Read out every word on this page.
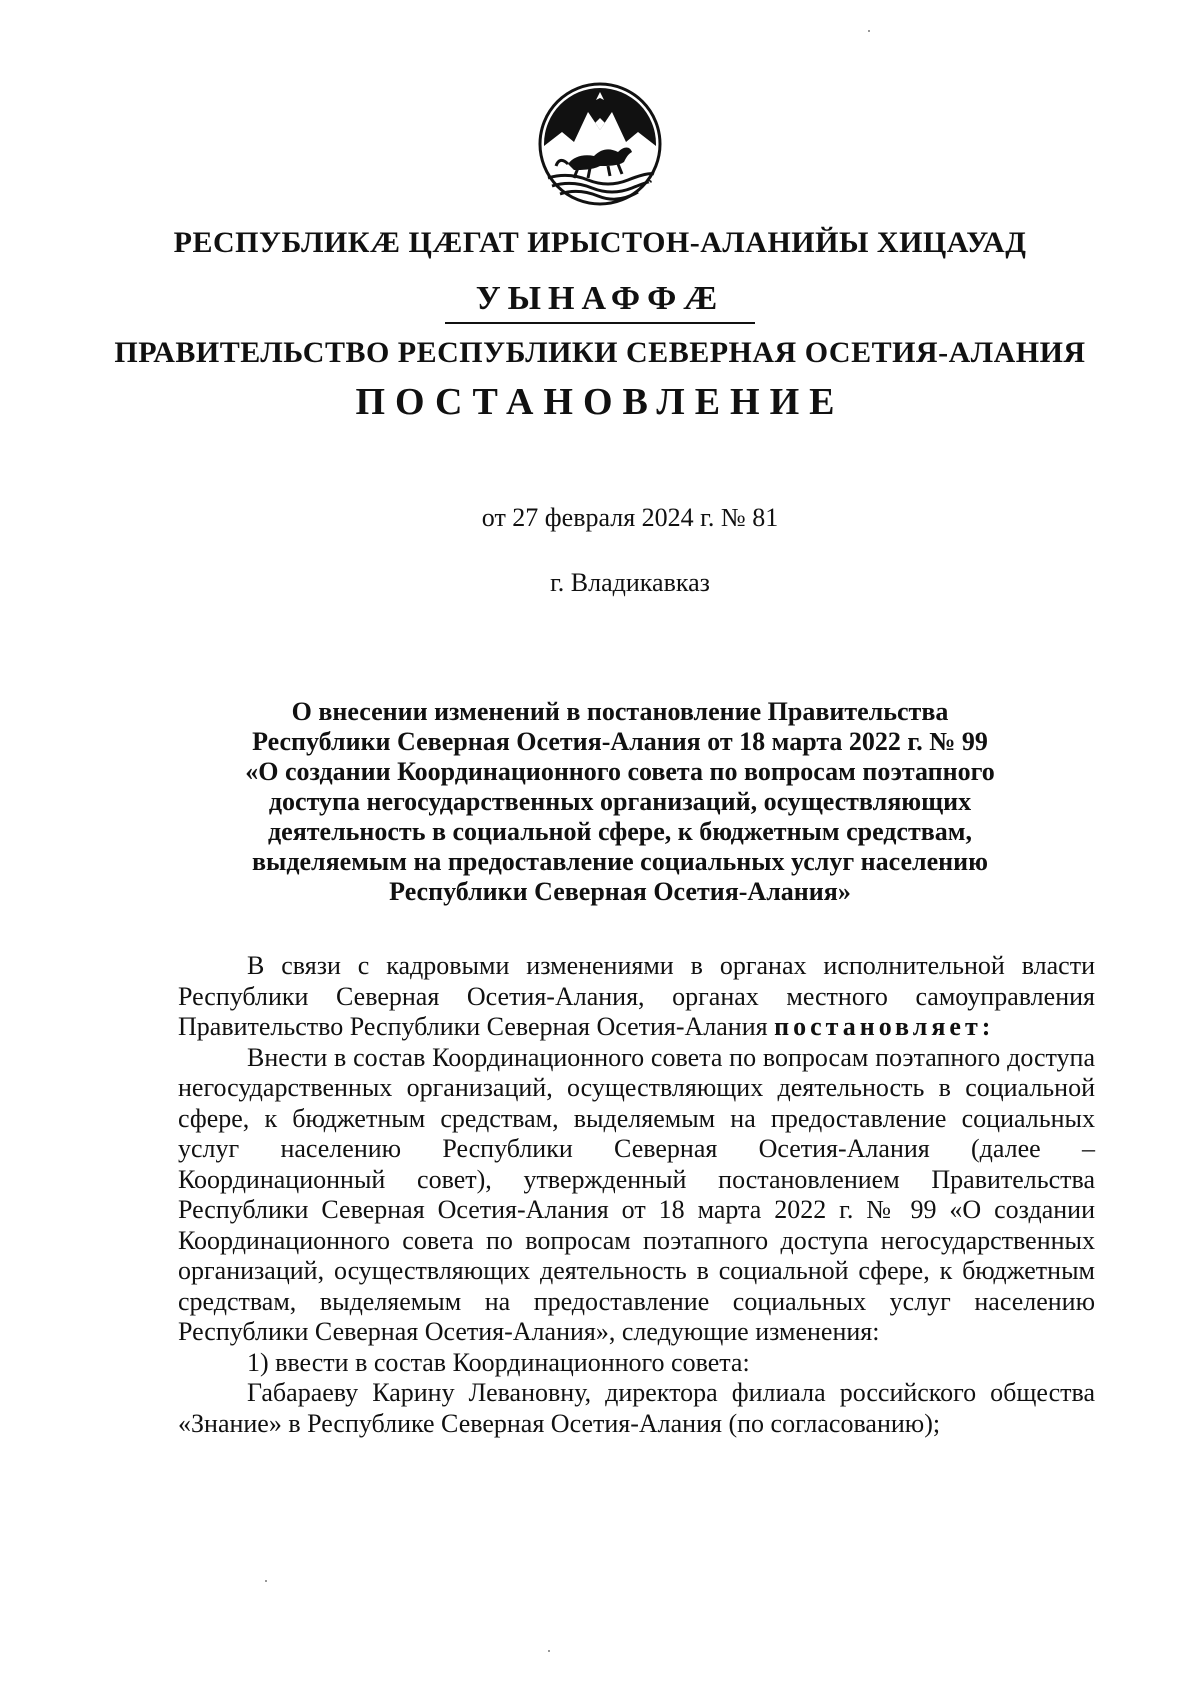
РЕСПУБЛИКÆ ЦÆГАТ ИРЫСТОН-АЛАНИЙЫ ХИЦАУАД
УЫНАФФÆ
ПРАВИТЕЛЬСТВО РЕСПУБЛИКИ СЕВЕРНАЯ ОСЕТИЯ-АЛАНИЯ
ПОСТАНОВЛЕНИЕ
от 27 февраля 2024 г. № 81
г. Владикавказ
О внесении изменений в постановление Правительства
Республики Северная Осетия-Алания от 18 марта 2022 г. № 99
«О создании Координационного совета по вопросам поэтапного
доступа негосударственных организаций, осуществляющих
деятельность в социальной сфере, к бюджетным средствам,
выделяемым на предоставление социальных услуг населению
Республики Северная Осетия-Алания»

В связи с кадровыми изменениями в органах исполнительной власти Республики Северная Осетия-Алания, органах местного самоуправления Правительство Республики Северная Осетия-Алания постановляет:

Внести в состав Координационного совета по вопросам поэтапного доступа негосударственных организаций, осуществляющих деятельность в социальной сфере, к бюджетным средствам, выделяемым на предоставление социальных услуг населению Республики Северная Осетия-Алания (далее – Координационный совет), утвержденный постановлением Правительства Республики Северная Осетия-Алания от 18 марта 2022 г. № 99 «О создании Координационного совета по вопросам поэтапного доступа негосударственных организаций, осуществляющих деятельность в социальной сфере, к бюджетным средствам, выделяемым на предоставление социальных услуг населению Республики Северная Осетия-Алания», следующие изменения:

1) ввести в состав Координационного совета:

Габараеву Карину Левановну, директора филиала российского общества «Знание» в Республике Северная Осетия-Алания (по согласованию);
